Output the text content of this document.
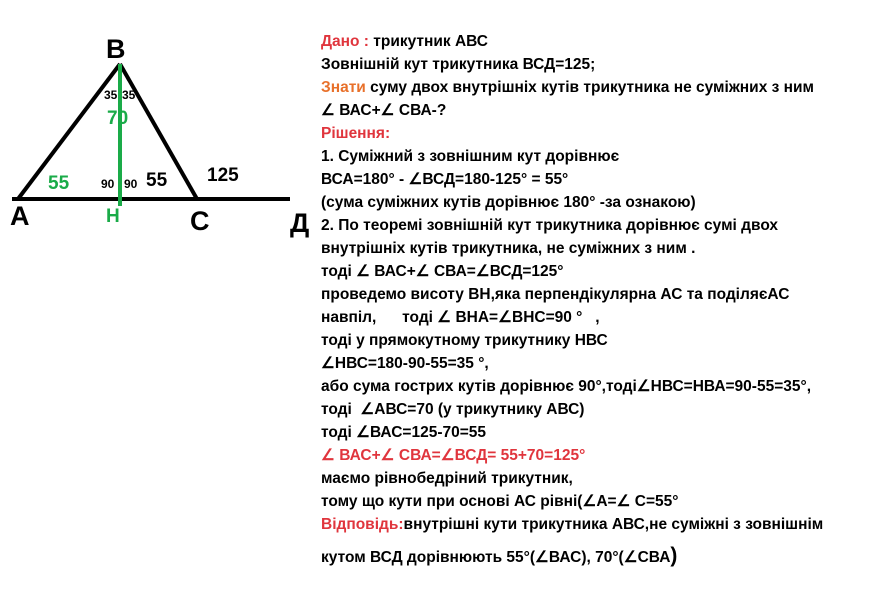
B
A	C	Д
Н
55
35 35
70
90 90 55 125
Дано : трикутник АВС
Зовнішній кут трикутника ВСД=125;
Знати суму двох внутрішніх кутів трикутника не суміжних з ним
∠ ВАС+∠ СВА-?
Рішення:
1. Суміжний з зовнішним кут дорівнює
ВСА=180° - ∠ВСД=180-125° = 55°
(сума суміжних кутів дорівнює 180° -за ознакою)
2. По теоремі зовнішній кут трикутника дорівнює сумі двох
внутрішніх кутів трикутника, не суміжних з ним .
тоді ∠ ВАС+∠ СВА=∠ВСД=125°
проведемо висоту ВН,яка перпендікулярна АС та поділяєАС
навпіл,      тоді ∠ ВНА=∠ВНС=90 °   ,
тоді у прямокутному трикутнику НВС
∠НВС=180-90-55=35 °,
або сума гострих кутів дорівнює 90°,тоді∠НВС=НВА=90-55=35°,
тоді  ∠АВС=70 (у трикутнику АВС)
тоді ∠ВАС=125-70=55
∠ ВАС+∠ СВА=∠ВСД= 55+70=125°
маємо рівнобедріний трикутник,
тому що кути при основі АС рівні(∠А=∠ С=55°
Відповідь:внутрішні кути трикутника АВС,не суміжні з зовнішнім
кутом ВСД дорівнюють 55°(∠ВАС), 70°(∠СВА)
